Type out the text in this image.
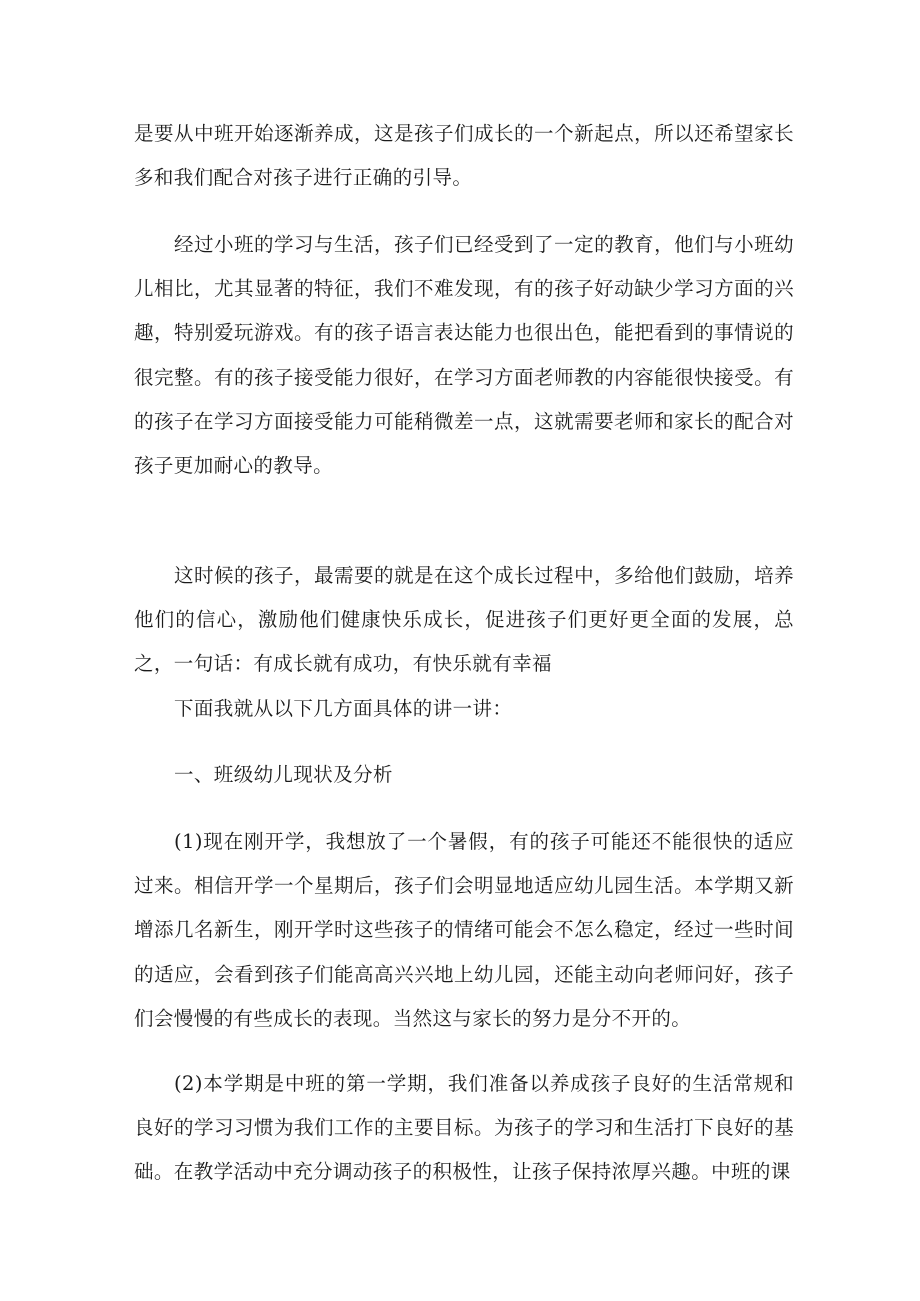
是要从中班开始逐渐养成，这是孩子们成长的一个新起点，所以还希望家长多和我们配合对孩子进行正确的引导。

经过小班的学习与生活，孩子们已经受到了一定的教育，他们与小班幼儿相比，尤其显著的特征，我们不难发现，有的孩子好动缺少学习方面的兴趣，特别爱玩游戏。有的孩子语言表达能力也很出色，能把看到的事情说的很完整。有的孩子接受能力很好，在学习方面老师教的内容能很快接受。有的孩子在学习方面接受能力可能稍微差一点，这就需要老师和家长的配合对孩子更加耐心的教导。

这时候的孩子，最需要的就是在这个成长过程中，多给他们鼓励，培养他们的信心，激励他们健康快乐成长，促进孩子们更好更全面的发展，总之，一句话：有成长就有成功，有快乐就有幸福

下面我就从以下几方面具体的讲一讲：

一、班级幼儿现状及分析

(1)现在刚开学，我想放了一个暑假，有的孩子可能还不能很快的适应过来。相信开学一个星期后，孩子们会明显地适应幼儿园生活。本学期又新增添几名新生，刚开学时这些孩子的情绪可能会不怎么稳定，经过一些时间的适应，会看到孩子们能高高兴兴地上幼儿园，还能主动向老师问好，孩子们会慢慢的有些成长的表现。当然这与家长的努力是分不开的。

(2)本学期是中班的第一学期，我们准备以养成孩子良好的生活常规和良好的学习习惯为我们工作的主要目标。为孩子的学习和生活打下良好的基础。在教学活动中充分调动孩子的积极性，让孩子保持浓厚兴趣。中班的课
